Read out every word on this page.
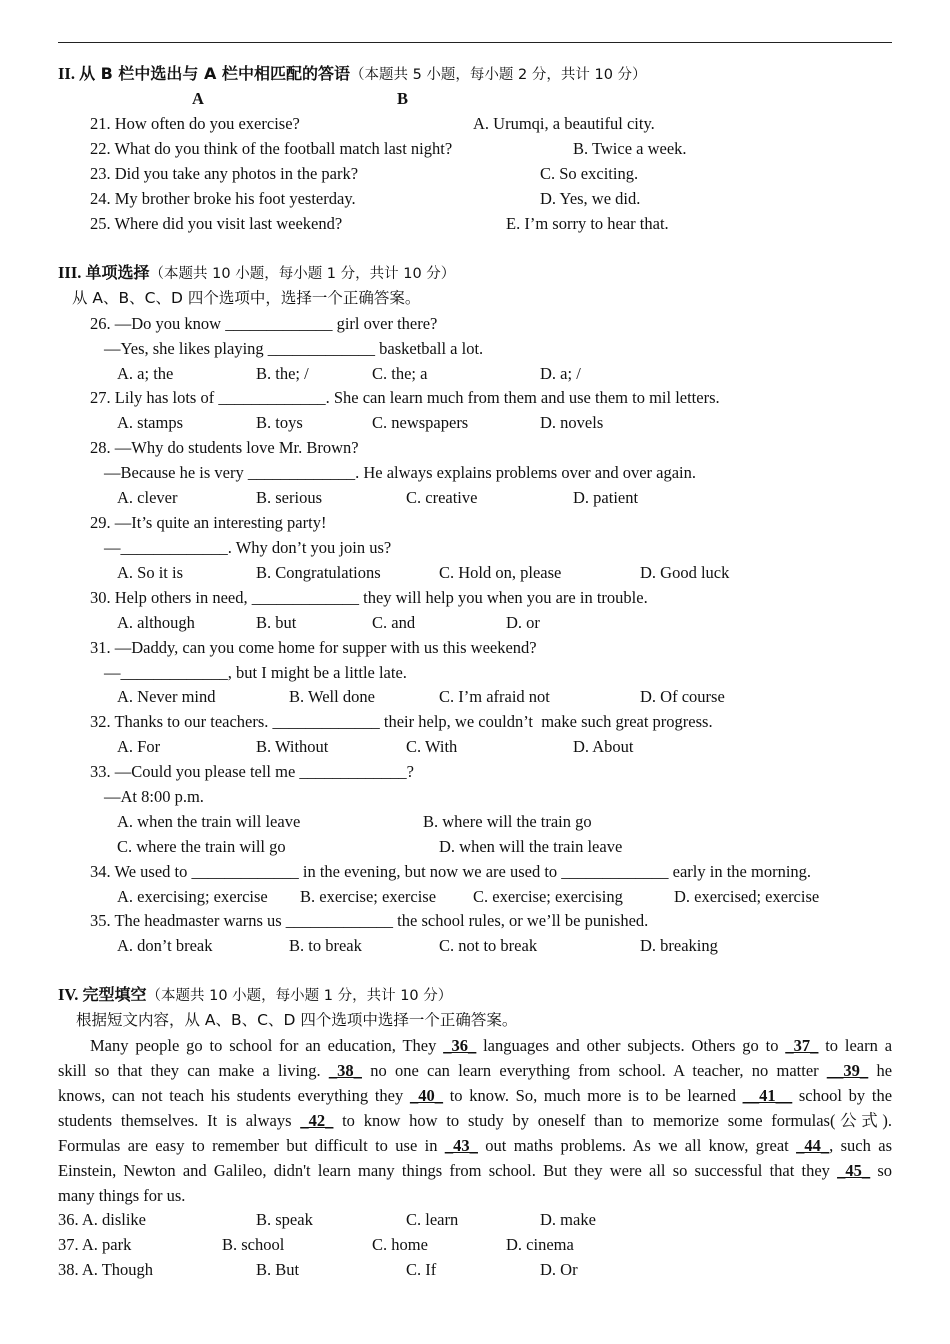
II. 从 B 栏中选出与 A 栏中相匹配的答语（本题共 5 小题，每小题 2 分，共计 10 分）
A	B
21. How often do you exercise?	A. Urumqi, a beautiful city.
22. What do you think of the football match last night?	B. Twice a week.
23. Did you take any photos in the park?	C. So exciting.
24. My brother broke his foot yesterday.	D. Yes, we did.
25. Where did you visit last weekend?	E. I’m sorry to hear that.
III. 单项选择（本题共 10 小题，每小题 1 分，共计 10 分）
从 A、B、C、D 四个选项中，选择一个正确答案。
26. —Do you know _____________ girl over there?
—Yes, she likes playing _____________ basketball a lot.
A. a; the	B. the; /	C. the; a	D. a; /
27. Lily has lots of _____________. She can learn much from them and use them to mil letters.
A. stamps	B. toys	C. newspapers	D. novels
28. —Why do students love Mr. Brown?
—Because he is very _____________. He always explains problems over and over again.
A. clever	B. serious	C. creative	D. patient
29. —It’s quite an interesting party!
—_____________. Why don’t you join us?
A. So it is	B. Congratulations	C. Hold on, please	D. Good luck
30. Help others in need, _____________ they will help you when you are in trouble.
A. although	B. but	C. and	D. or
31. —Daddy, can you come home for supper with us this weekend?
—_____________, but I might be a little late.
A. Never mind	B. Well done	C. I’m afraid not	D. Of course
32. Thanks to our teachers. _____________ their help, we couldn’t  make such great progress.
A. For	B. Without	C. With	D. About
33. —Could you please tell me _____________?
—At 8:00 p.m.
A. when the train will leave	B. where will the train go
C. where the train will go	D. when will the train leave
34. We used to _____________ in the evening, but now we are used to _____________ early in the morning.
A. exercising; exercise B. exercise; exercise C. exercise; exercising	D. exercised; exercise
35. The headmaster warns us _____________ the school rules, or we’ll be punished.
A. don’t break	B. to break	C. not to break	D. breaking
IV. 完型填空（本题共 10 小题，每小题 1 分，共计 10 分）
根据短文内容，从 A、B、C、D 四个选项中选择一个正确答案。
Many people go to school for an education, They _36_ languages and other subjects. Others go to _37_ to learn a
skill so that they can make a living. _38_ no one can learn everything from school. A teacher, no matter __39_ he
knows, can not teach his students everything they _40_ to know. So, much more is to be learned __41__ school by the
students themselves. It is always _42_ to know how to study by oneself than to memorize some formulas(公式).
Formulas are easy to remember but difficult to use in _43_ out maths problems. As we all know, great _44_, such as
Einstein, Newton and Galileo, didn't learn many things from school. But they were all so successful that they _45_ so
many things for us.
36. A. dislike	B. speak	C. learn	D. make
37. A. park	B. school	C. home	D. cinema
38. A. Though	B. But	C. If	D. Or
